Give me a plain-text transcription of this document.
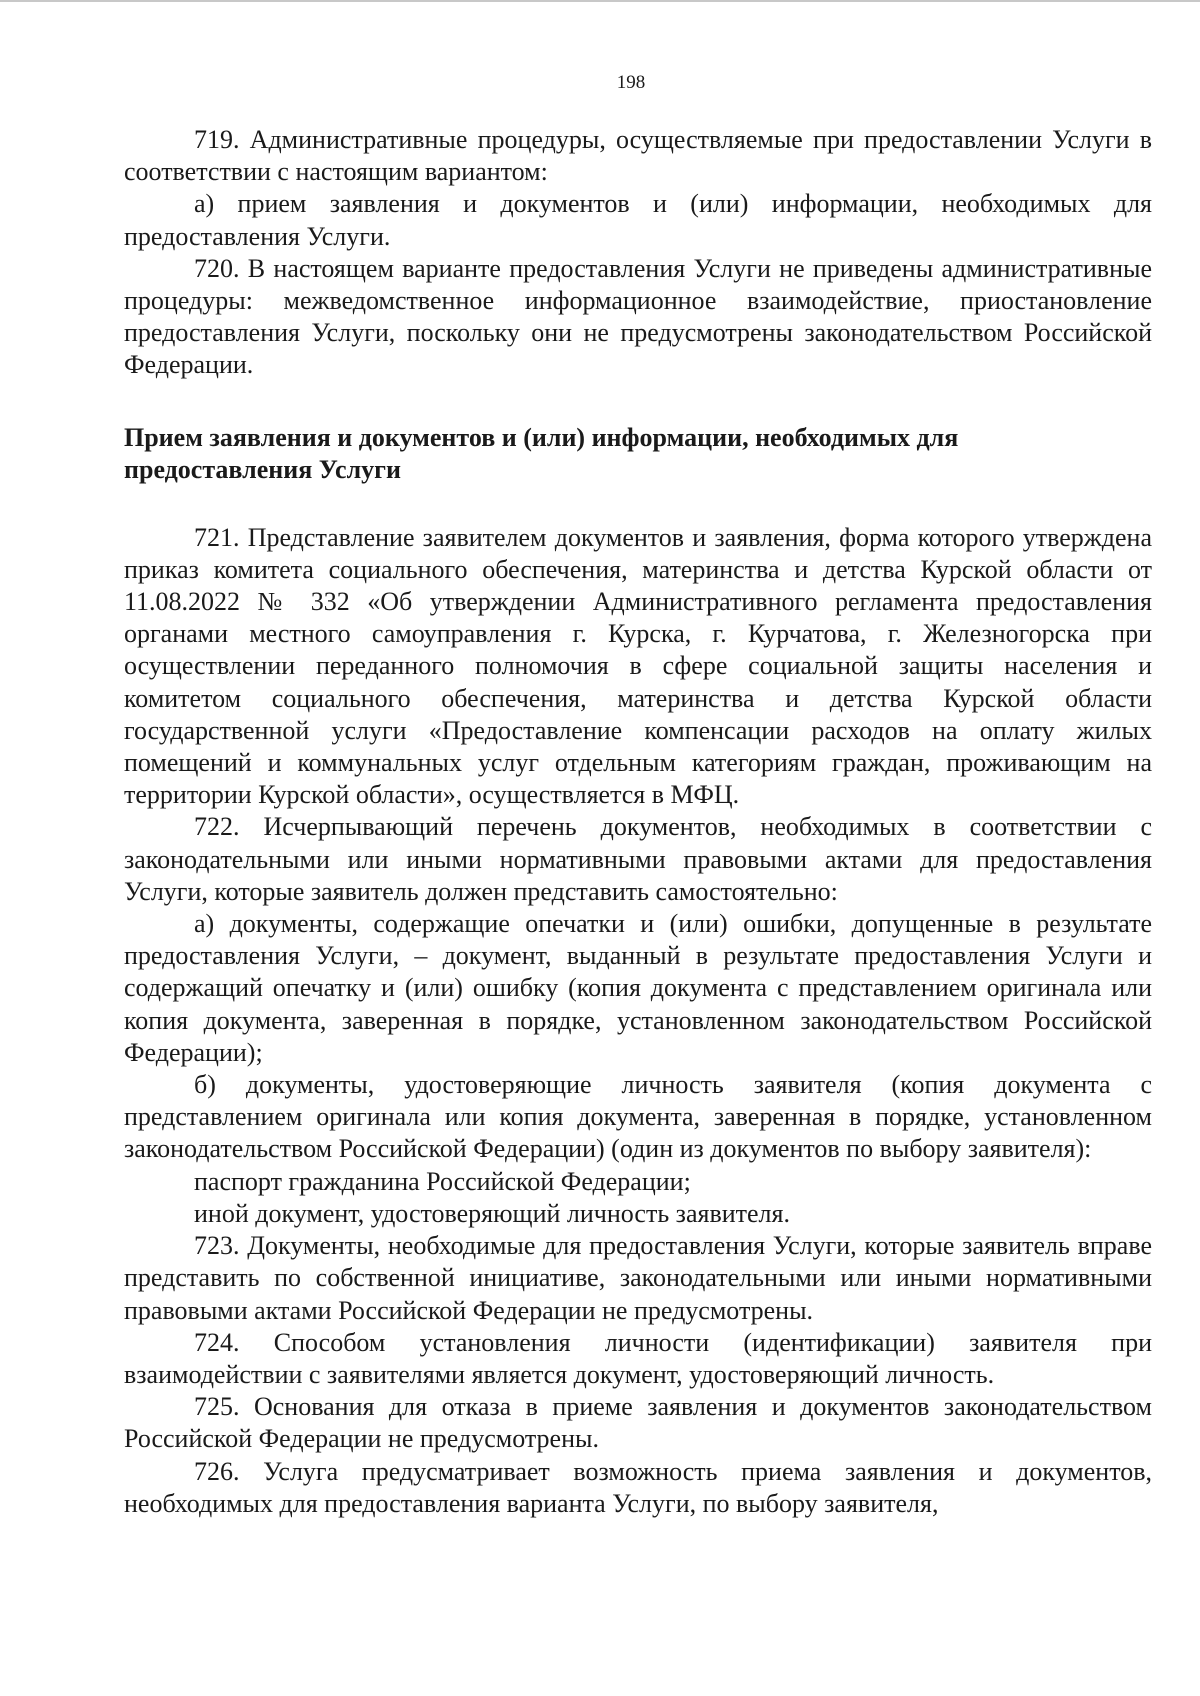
198

719. Административные процедуры, осуществляемые при предоставлении Услуги в соответствии с настоящим вариантом:

а) прием заявления и документов и (или) информации, необходимых для предоставления Услуги.

720. В настоящем варианте предоставления Услуги не приведены административные процедуры: межведомственное информационное взаимодействие, приостановление предоставления Услуги, поскольку они не предусмотрены законодательством Российской Федерации.

Прием заявления и документов и (или) информации, необходимых для
предоставления Услуги

721. Представление заявителем документов и заявления, форма которого утверждена приказ комитета социального обеспечения, материнства и детства Курской области от 11.08.2022 № 332 «Об утверждении Административного регламента предоставления органами местного самоуправления г. Курска, г. Курчатова, г. Железногорска при осуществлении переданного полномочия в сфере социальной защиты населения и комитетом социального обеспечения, материнства и детства Курской области государственной услуги «Предоставление компенсации расходов на оплату жилых помещений и коммунальных услуг отдельным категориям граждан, проживающим на территории Курской области», осуществляется в МФЦ.

722. Исчерпывающий перечень документов, необходимых в соответствии с законодательными или иными нормативными правовыми актами для предоставления Услуги, которые заявитель должен представить самостоятельно:

а) документы, содержащие опечатки и (или) ошибки, допущенные в результате предоставления Услуги, – документ, выданный в результате предоставления Услуги и содержащий опечатку и (или) ошибку (копия документа с представлением оригинала или копия документа, заверенная в порядке, установленном законодательством Российской Федерации);

б) документы, удостоверяющие личность заявителя (копия документа с представлением оригинала или копия документа, заверенная в порядке, установленном законодательством Российской Федерации) (один из документов по выбору заявителя):

паспорт гражданина Российской Федерации;

иной документ, удостоверяющий личность заявителя.

723. Документы, необходимые для предоставления Услуги, которые заявитель вправе представить по собственной инициативе, законодательными или иными нормативными правовыми актами Российской Федерации не предусмотрены.

724. Способом установления личности (идентификации) заявителя при взаимодействии с заявителями является документ, удостоверяющий личность.

725. Основания для отказа в приеме заявления и документов законодательством Российской Федерации не предусмотрены.

726. Услуга предусматривает возможность приема заявления и документов, необходимых для предоставления варианта Услуги, по выбору заявителя,
